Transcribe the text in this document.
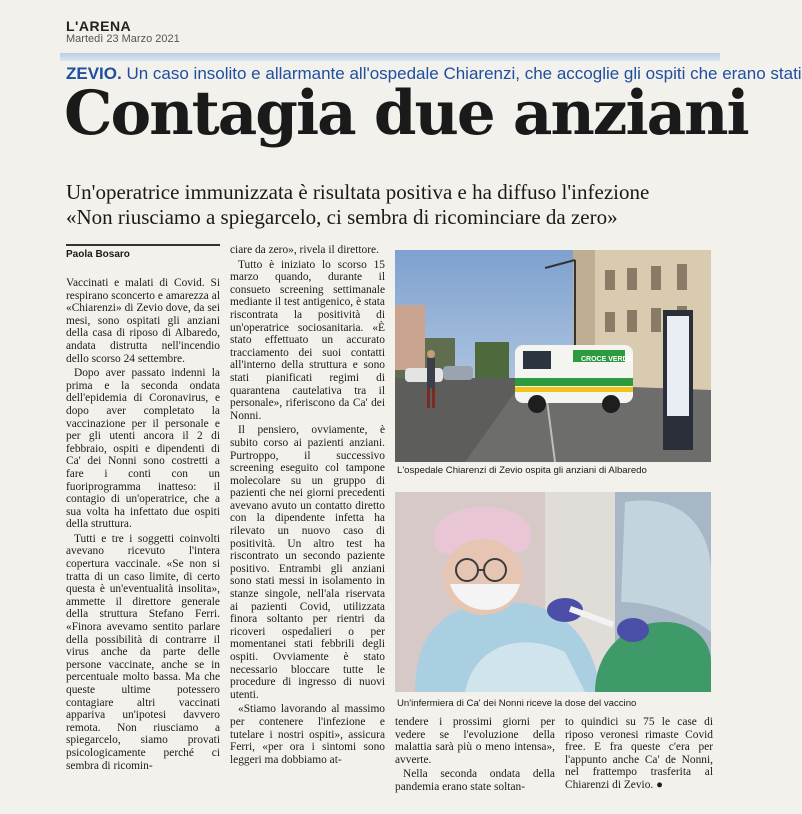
L'ARENA
Martedì 23 Marzo 2021
ZEVIO. Un caso insolito e allarmante all'ospedale Chiarenzi, che accoglie gli ospiti che erano stati
Contagia due anziani
Un'operatrice immunizzata è risultata positiva e ha diffuso l'infezione
«Non riusciamo a spiegarcelo, ci sembra di ricominciare da zero»
Paola Bosaro

Vaccinati e malati di Covid. Si respirano sconcerto e amarezza al «Chiarenzi» di Zevio dove, da sei mesi, sono ospitati gli anziani della casa di riposo di Albaredo, andata distrutta nell'incendio dello scorso 24 settembre.

Dopo aver passato indenni la prima e la seconda ondata dell'epidemia di Coronavirus, e dopo aver completato la vaccinazione per il personale e per gli utenti ancora il 2 di febbraio, ospiti e dipendenti di Ca' dei Nonni sono costretti a fare i conti con un fuoriprogramma inatteso: il contagio di un'operatrice, che a sua volta ha infettato due ospiti della struttura.

Tutti e tre i soggetti coinvolti avevano ricevuto l'intera copertura vaccinale. «Se non si tratta di un caso limite, di certo questa è un'eventualità insolita», ammette il direttore generale della struttura Stefano Ferri. «Finora avevamo sentito parlare della possibilità di contrarre il virus anche da parte delle persone vaccinate, anche se in percentuale molto bassa. Ma che queste ultime potessero contagiare altri vaccinati appariva un'ipotesi davvero remota. Non riusciamo a spiegarcelo, siamo provati psicologicamente perché ci sembra di ricomin-

ciare da zero», rivela il direttore.

Tutto è iniziato lo scorso 15 marzo quando, durante il consueto screening settimanale mediante il test antigenico, è stata riscontrata la positività di un'operatrice sociosanitaria. «È stato effettuato un accurato tracciamento dei suoi contatti all'interno della struttura e sono stati pianificati regimi di quarantena cautelativa tra il personale», riferiscono da Ca' dei Nonni.

Il pensiero, ovviamente, è subito corso ai pazienti anziani. Purtroppo, il successivo screening eseguito col tampone molecolare su un gruppo di pazienti che nei giorni precedenti avevano avuto un contatto diretto con la dipendente infetta ha rilevato un nuovo caso di positività. Un altro test ha riscontrato un secondo paziente positivo. Entrambi gli anziani sono stati messi in isolamento in stanze singole, nell'ala riservata ai pazienti Covid, utilizzata finora soltanto per rientri da ricoveri ospedalieri o per momentanei stati febbrili degli ospiti. Ovviamente è stato necessario bloccare tutte le procedure di ingresso di nuovi utenti.

«Stiamo lavorando al massimo per contenere l'infezione e tutelare i nostri ospiti», assicura Ferri, «per ora i sintomi sono leggeri ma dobbiamo at-

CROCE VERDE
L'ospedale Chiarenzi di Zevio ospita gli anziani di Albaredo
Un'infermiera di Ca' dei Nonni riceve la dose del vaccino

tendere i prossimi giorni per vedere se l'evoluzione della malattia sarà più o meno intensa», avverte.

Nella seconda ondata della pandemia erano state soltan-

to quindici su 75 le case di riposo veronesi rimaste Covid free. E fra queste c'era per l'appunto anche Ca' de Nonni, nel frattempo trasferita al Chiarenzi di Zevio. ●
